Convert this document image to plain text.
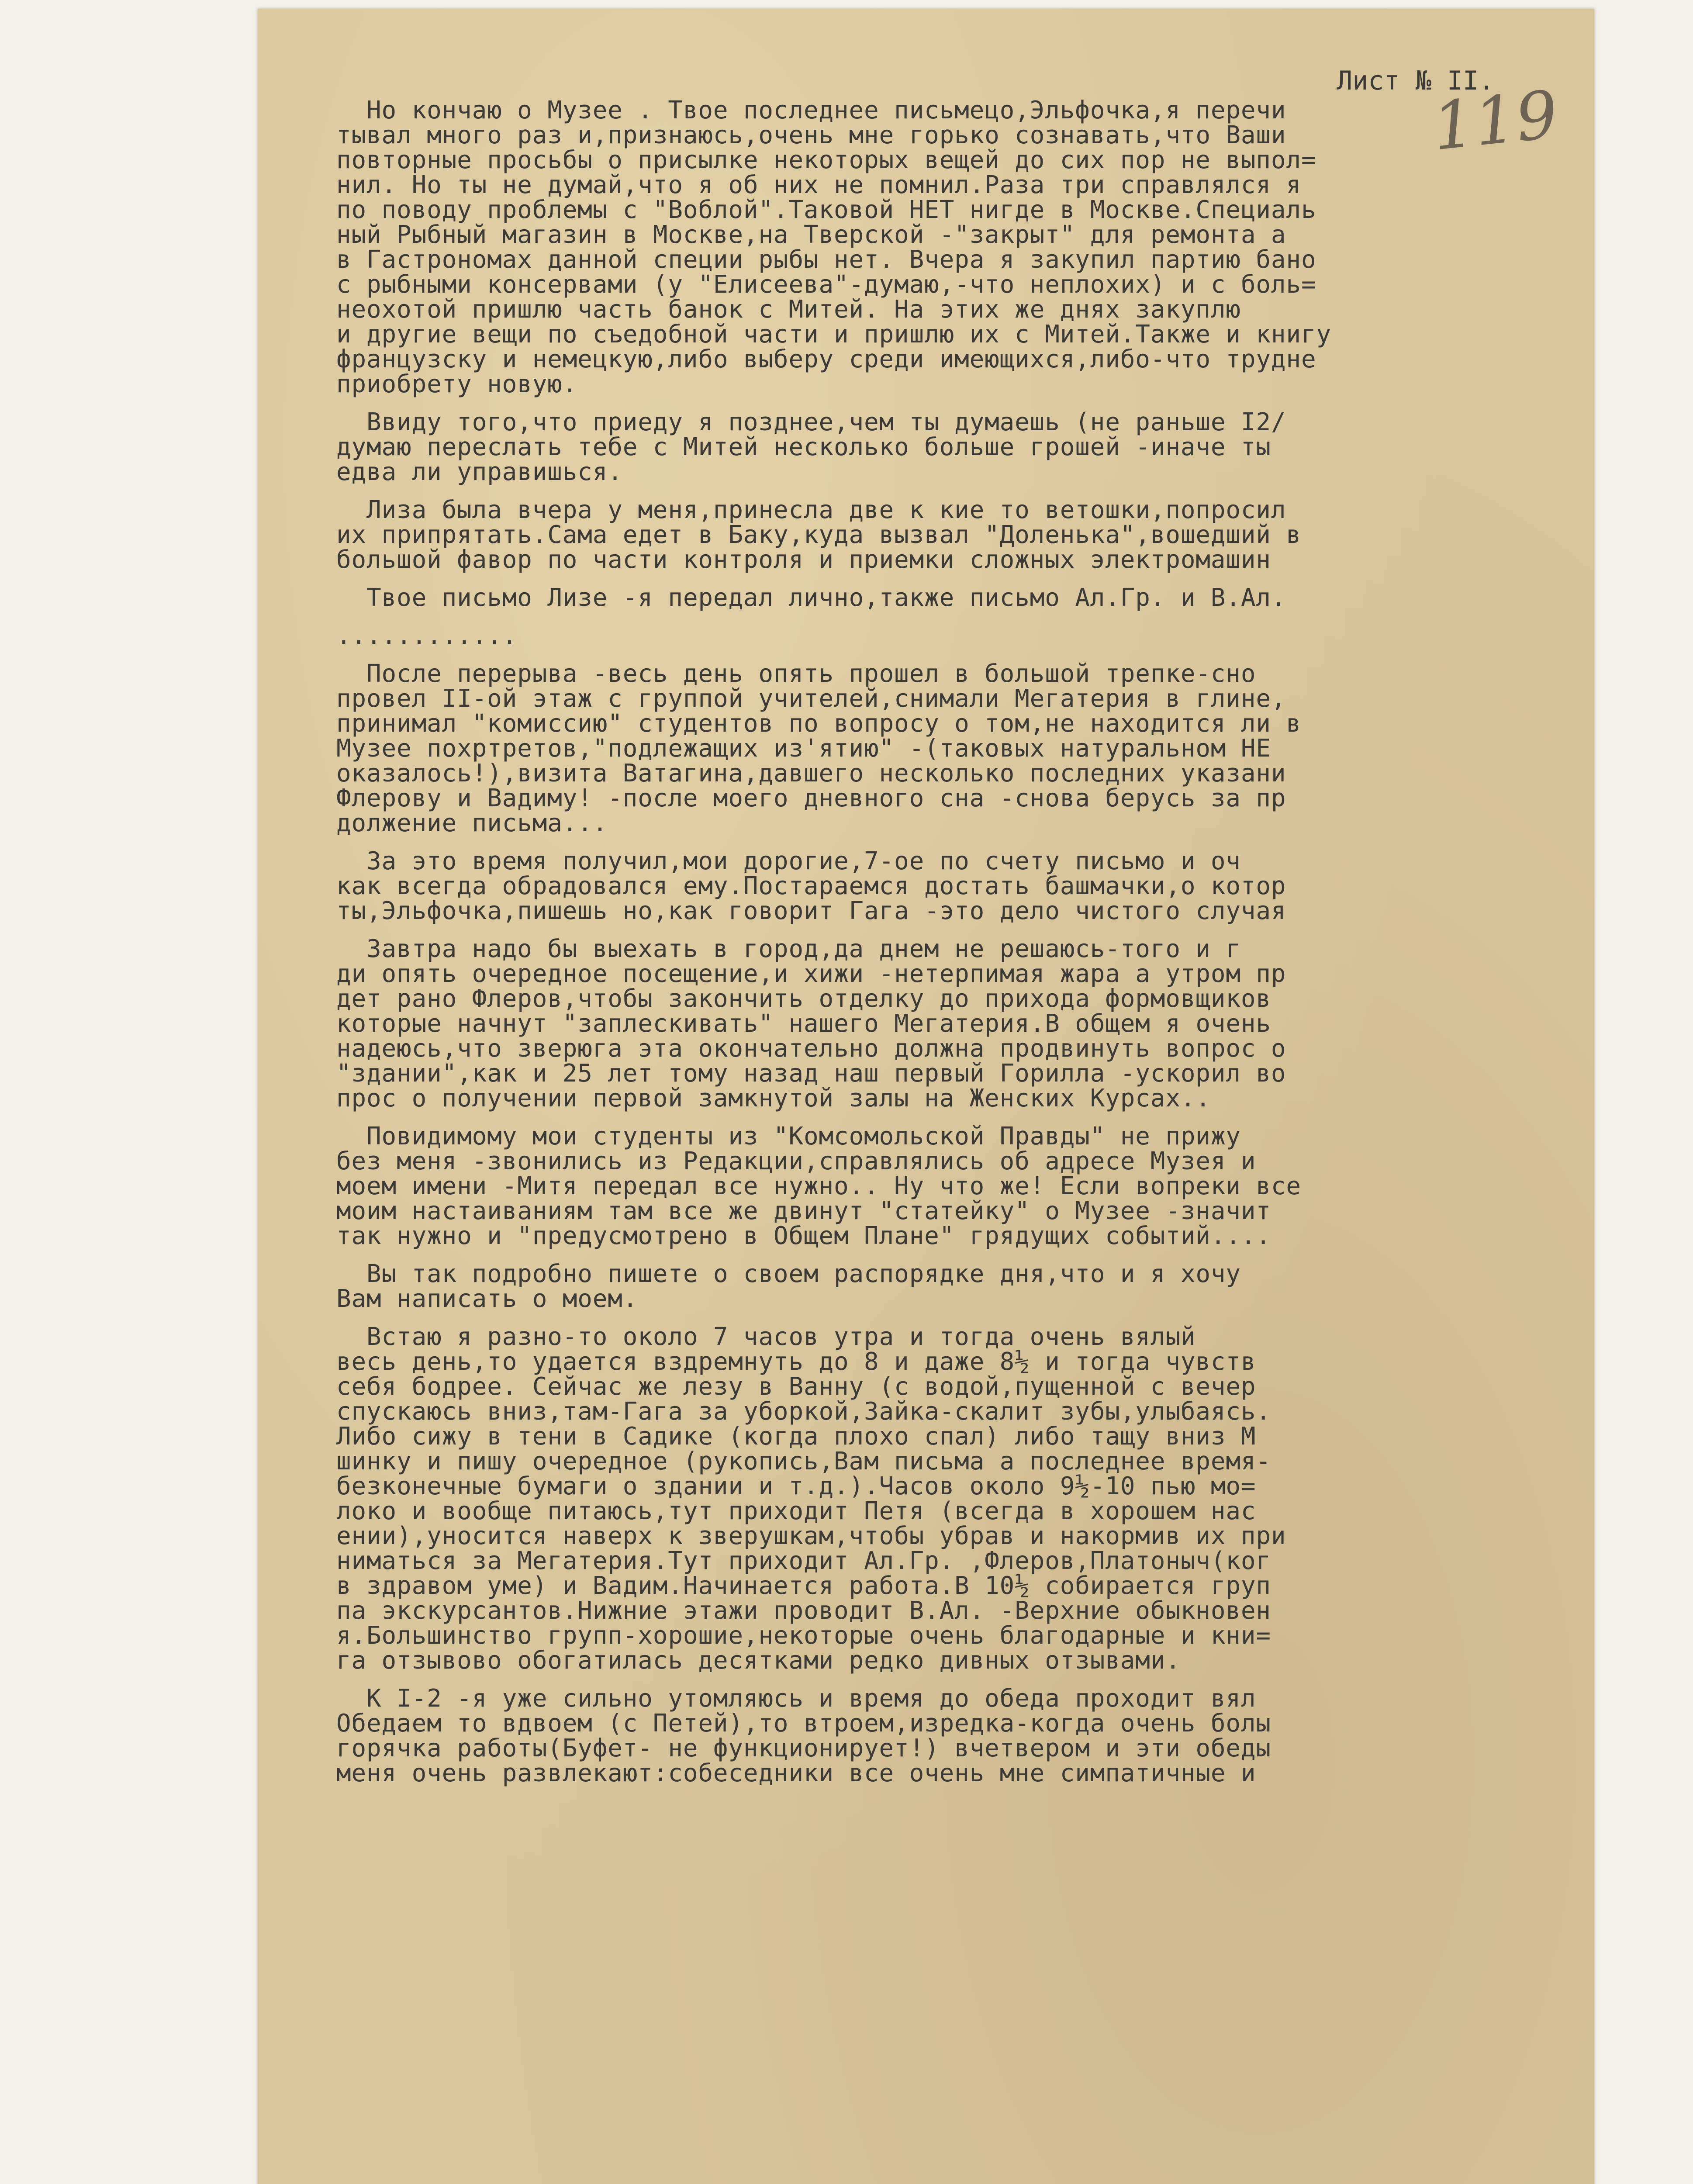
Лист № II.
119
Но кончаю о Музее . Твое последнее письмецо,Эльфочка,я перечи
тывал много раз и,признаюсь,очень мне горько сознавать,что Ваши
повторные просьбы о присылке некоторых вещей до сих пор не выпол=
нил. Но ты не думай,что я об них не помнил.Раза три справлялся я
по поводу проблемы с "Воблой".Таковой НЕТ нигде в Москве.Специаль
ный Рыбный магазин в Москве,на Тверской -"закрыт" для ремонта а
в Гастрономах данной специи рыбы нет. Вчера я закупил партию бано
с рыбными консервами (у "Елисеева"-думаю,-что неплохих) и с боль=
неохотой пришлю часть банок с Митей. На этих же днях закуплю
и другие вещи по съедобной части и пришлю их с Митей.Также и книгу
французску и немецкую,либо выберу среди имеющихся,либо-что трудне
приобрету новую.
Ввиду того,что приеду я позднее,чем ты думаешь (не раньше I2/
думаю переслать тебе с Митей несколько больше грошей -иначе ты
едва ли управишься.
Лиза была вчера у меня,принесла две к кие то ветошки,попросил
их припрятать.Сама едет в Баку,куда вызвал "Доленька",вошедший в
большой фавор по части контроля и приемки сложных электромашин
Твое письмо Лизе -я передал лично,также письмо Ал.Гр. и В.Ал.
............
После перерыва -весь день опять прошел в большой трепке-сно
провел II-ой этаж с группой учителей,снимали Мегатерия в глине,
принимал "комиссию" студентов по вопросу о том,не находится ли в
Музее похртретов,"подлежащих из'ятию" -(таковых натуральном НЕ
оказалось!),визита Ватагина,давшего несколько последних указани
Флерову и Вадиму! -после моего дневного сна -снова берусь за пр
должение письма...
За это время получил,мои дорогие,7-ое по счету письмо и оч
как всегда обрадовался ему.Постараемся достать башмачки,о котор
ты,Эльфочка,пишешь но,как говорит Гага -это дело чистого случая
Завтра надо бы выехать в город,да днем не решаюсь-того и г
ди опять очередное посещение,и хижи -нетерпимая жара а утром пр
дет рано Флеров,чтобы закончить отделку до прихода формовщиков
которые начнут "заплескивать" нашего Мегатерия.В общем я очень
надеюсь,что зверюга эта окончательно должна продвинуть вопрос о
"здании",как и 25 лет тому назад наш первый Горилла -ускорил во
прос о получении первой замкнутой залы на Женских Курсах..
Повидимому мои студенты из "Комсомольской Правды" не прижу
без меня -звонились из Редакции,справлялись об адресе Музея и
моем имени -Митя передал все нужно.. Ну что же! Если вопреки все
моим настаиваниям там все же двинут "статейку" о Музее -значит
так нужно и "предусмотрено в Общем Плане" грядущих событий....
Вы так подробно пишете о своем распорядке дня,что и я хочу
Вам написать о моем.
Встаю я разно-то около 7 часов утра и тогда очень вялый
весь день,то удается вздремнуть до 8 и даже 8½ и тогда чувств
себя бодрее. Сейчас же лезу в Ванну (с водой,пущенной с вечер
спускаюсь вниз,там-Гага за уборкой,Зайка-скалит зубы,улыбаясь.
Либо сижу в тени в Садике (когда плохо спал) либо тащу вниз М
шинку и пишу очередное (рукопись,Вам письма а последнее время-
безконечные бумаги о здании и т.д.).Часов около 9½-10 пью мо=
локо и вообще питаюсь,тут приходит Петя (всегда в хорошем нас
ении),уносится наверх к зверушкам,чтобы убрав и накормив их при
ниматься за Мегатерия.Тут приходит Ал.Гр. ,Флеров,Платоныч(ког
в здравом уме) и Вадим.Начинается работа.В 10½ собирается груп
па экскурсантов.Нижние этажи проводит В.Ал. -Верхние обыкновен
я.Большинство групп-хорошие,некоторые очень благодарные и кни=
га отзывово обогатилась десятками редко дивных отзывами.
К I-2 -я уже сильно утомляюсь и время до обеда проходит вял
Обедаем то вдвоем (с Петей),то втроем,изредка-когда очень болы
горячка работы(Буфет- не функционирует!) вчетвером и эти обеды
меня очень развлекают:собеседники все очень мне симпатичные и
